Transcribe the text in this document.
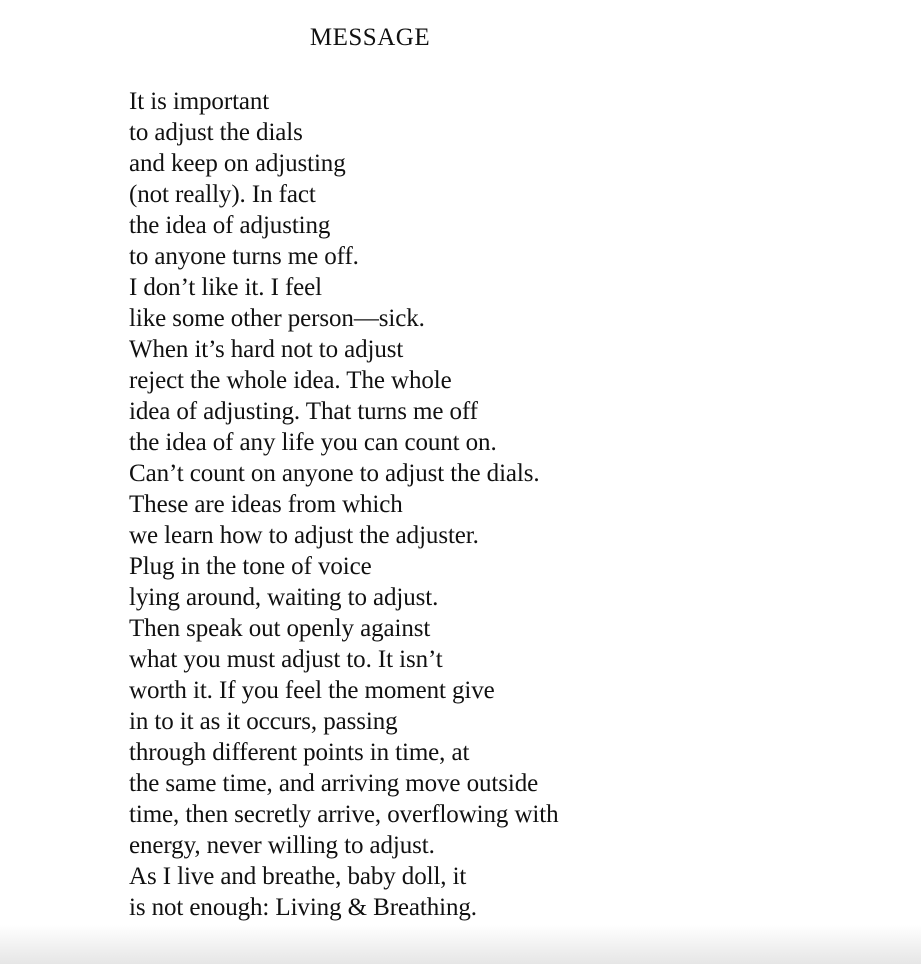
MESSAGE
It is important
to adjust the dials
and keep on adjusting
(not really). In fact
the idea of adjusting
to anyone turns me off.
I don’t like it. I feel
like some other person—sick.
When it’s hard not to adjust
reject the whole idea. The whole
idea of adjusting. That turns me off
the idea of any life you can count on.
Can’t count on anyone to adjust the dials.
These are ideas from which
we learn how to adjust the adjuster.
Plug in the tone of voice
lying around, waiting to adjust.
Then speak out openly against
what you must adjust to. It isn’t
worth it. If you feel the moment give
in to it as it occurs, passing
through different points in time, at
the same time, and arriving move outside
time, then secretly arrive, overflowing with
energy, never willing to adjust.
As I live and breathe, baby doll, it
is not enough: Living & Breathing.
